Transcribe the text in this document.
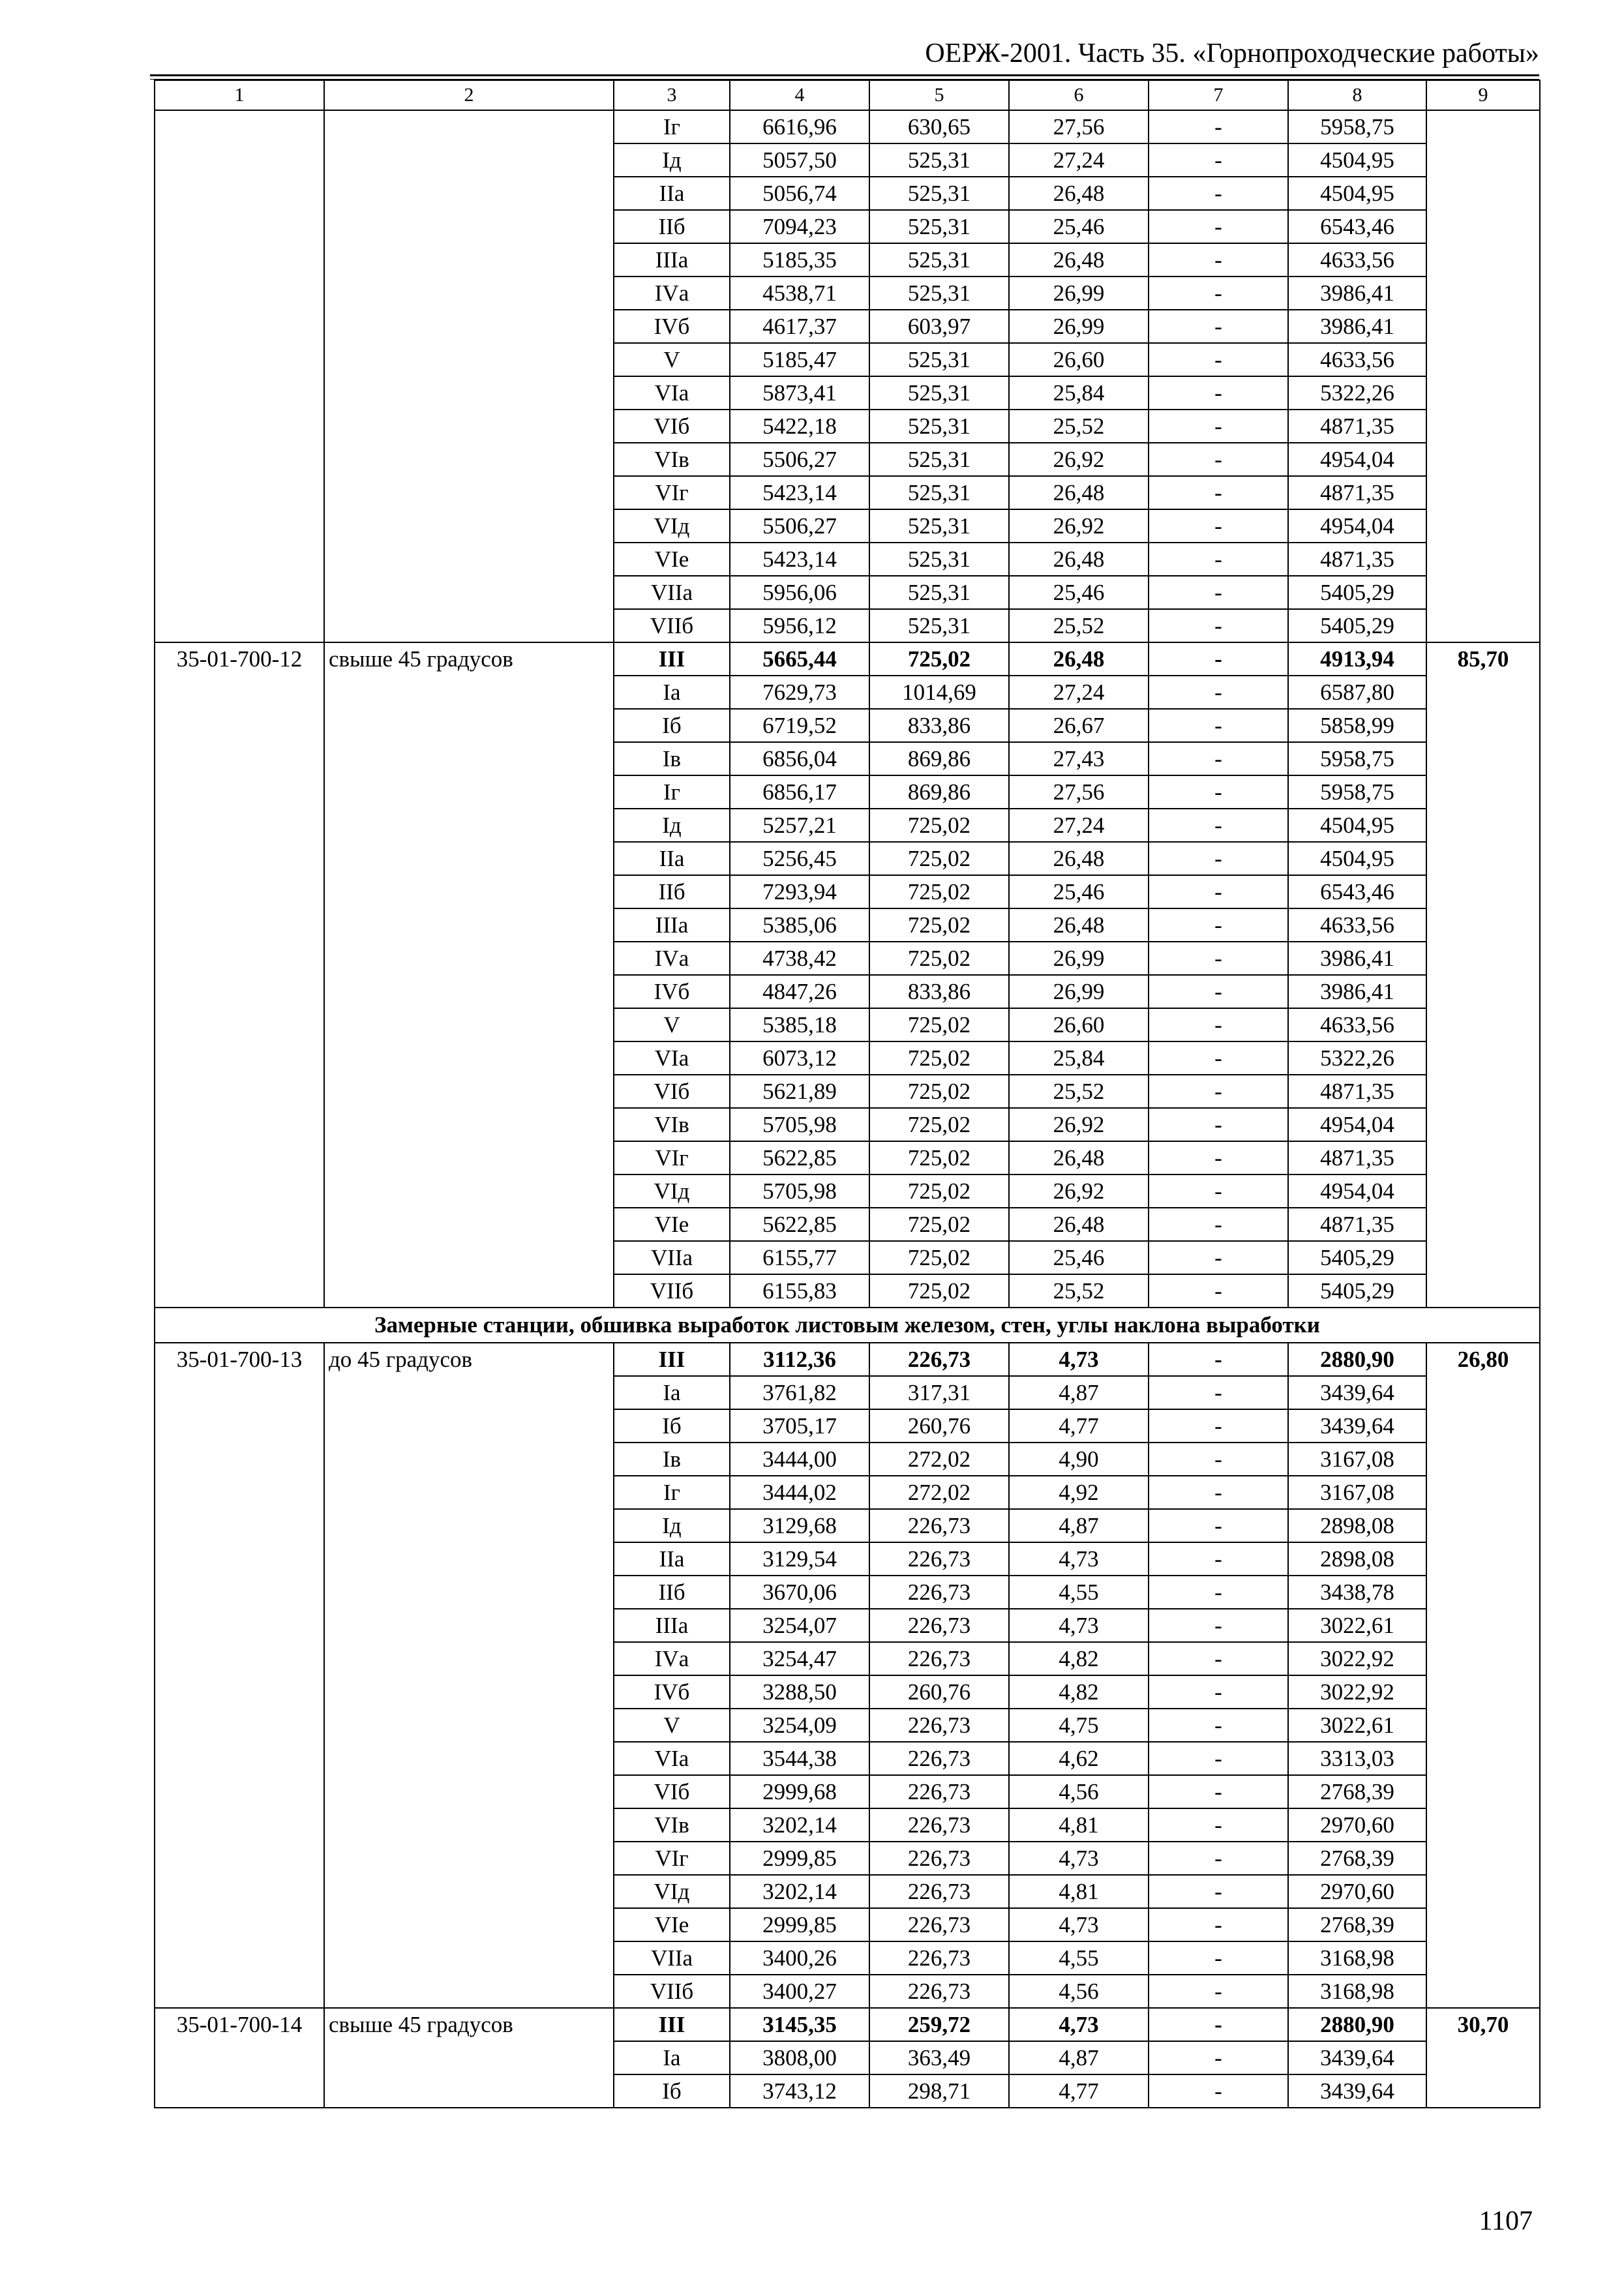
ОЕРЖ-2001. Часть 35. «Горнопроходческие работы»
1	2	3	4	5	6	7	8	9
		Iг	6616,96	630,65	27,56	-	5958,75	
		Iд	5057,50	525,31	27,24	-	4504,95	
		IIа	5056,74	525,31	26,48	-	4504,95	
		IIб	7094,23	525,31	25,46	-	6543,46	
		IIIа	5185,35	525,31	26,48	-	4633,56	
		IVа	4538,71	525,31	26,99	-	3986,41	
		IVб	4617,37	603,97	26,99	-	3986,41	
		V	5185,47	525,31	26,60	-	4633,56	
		VIа	5873,41	525,31	25,84	-	5322,26	
		VIб	5422,18	525,31	25,52	-	4871,35	
		VIв	5506,27	525,31	26,92	-	4954,04	
		VIг	5423,14	525,31	26,48	-	4871,35	
		VIд	5506,27	525,31	26,92	-	4954,04	
		VIе	5423,14	525,31	26,48	-	4871,35	
		VIIа	5956,06	525,31	25,46	-	5405,29	
		VIIб	5956,12	525,31	25,52	-	5405,29	
35-01-700-12	свыше 45 градусов	III	5665,44	725,02	26,48	-	4913,94	85,70
		Iа	7629,73	1014,69	27,24	-	6587,80	
		Iб	6719,52	833,86	26,67	-	5858,99	
		Iв	6856,04	869,86	27,43	-	5958,75	
		Iг	6856,17	869,86	27,56	-	5958,75	
		Iд	5257,21	725,02	27,24	-	4504,95	
		IIа	5256,45	725,02	26,48	-	4504,95	
		IIб	7293,94	725,02	25,46	-	6543,46	
		IIIа	5385,06	725,02	26,48	-	4633,56	
		IVа	4738,42	725,02	26,99	-	3986,41	
		IVб	4847,26	833,86	26,99	-	3986,41	
		V	5385,18	725,02	26,60	-	4633,56	
		VIа	6073,12	725,02	25,84	-	5322,26	
		VIб	5621,89	725,02	25,52	-	4871,35	
		VIв	5705,98	725,02	26,92	-	4954,04	
		VIг	5622,85	725,02	26,48	-	4871,35	
		VIд	5705,98	725,02	26,92	-	4954,04	
		VIе	5622,85	725,02	26,48	-	4871,35	
		VIIа	6155,77	725,02	25,46	-	5405,29	
		VIIб	6155,83	725,02	25,52	-	5405,29	
Замерные станции, обшивка выработок листовым железом, стен, углы наклона выработки								
35-01-700-13	до 45 градусов	III	3112,36	226,73	4,73	-	2880,90	26,80
		Iа	3761,82	317,31	4,87	-	3439,64	
		Iб	3705,17	260,76	4,77	-	3439,64	
		Iв	3444,00	272,02	4,90	-	3167,08	
		Iг	3444,02	272,02	4,92	-	3167,08	
		Iд	3129,68	226,73	4,87	-	2898,08	
		IIа	3129,54	226,73	4,73	-	2898,08	
		IIб	3670,06	226,73	4,55	-	3438,78	
		IIIа	3254,07	226,73	4,73	-	3022,61	
		IVа	3254,47	226,73	4,82	-	3022,92	
		IVб	3288,50	260,76	4,82	-	3022,92	
		V	3254,09	226,73	4,75	-	3022,61	
		VIа	3544,38	226,73	4,62	-	3313,03	
		VIб	2999,68	226,73	4,56	-	2768,39	
		VIв	3202,14	226,73	4,81	-	2970,60	
		VIг	2999,85	226,73	4,73	-	2768,39	
		VIд	3202,14	226,73	4,81	-	2970,60	
		VIе	2999,85	226,73	4,73	-	2768,39	
		VIIа	3400,26	226,73	4,55	-	3168,98	
		VIIб	3400,27	226,73	4,56	-	3168,98	
35-01-700-14	свыше 45 градусов	III	3145,35	259,72	4,73	-	2880,90	30,70
		Iа	3808,00	363,49	4,87	-	3439,64	
		Iб	3743,12	298,71	4,77	-	3439,64	
1107
